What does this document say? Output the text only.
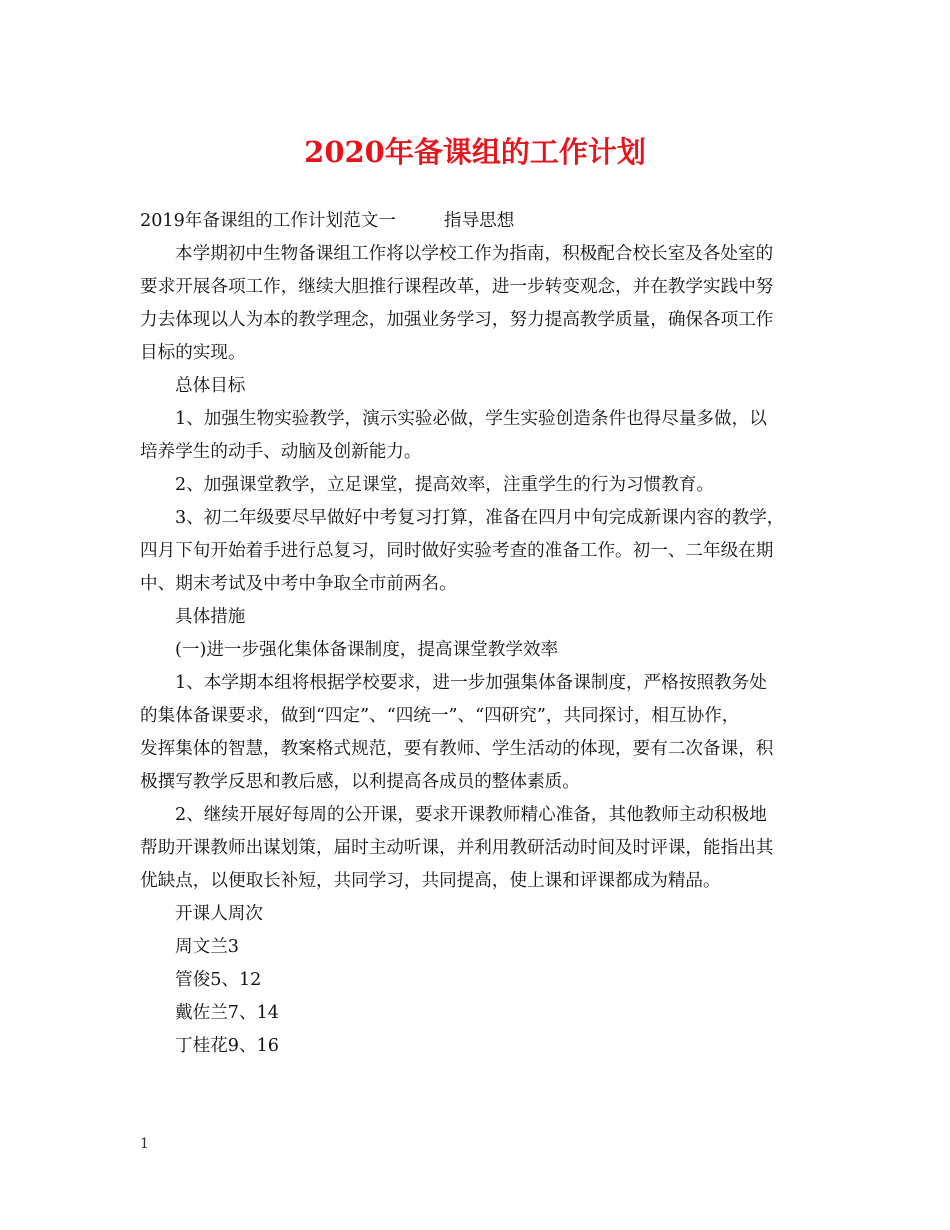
2020年备课组的工作计划
2019年备课组的工作计划范文一	指导思想
本学期初中生物备课组工作将以学校工作为指南，积极配合校长室及各处室的
要求开展各项工作，继续大胆推行课程改革，进一步转变观念，并在教学实践中努
力去体现以人为本的教学理念，加强业务学习，努力提高教学质量，确保各项工作
目标的实现。
总体目标
1、加强生物实验教学，演示实验必做，学生实验创造条件也得尽量多做，以
培养学生的动手、动脑及创新能力。
2、加强课堂教学，立足课堂，提高效率，注重学生的行为习惯教育。
3、初二年级要尽早做好中考复习打算，准备在四月中旬完成新课内容的教学，
四月下旬开始着手进行总复习，同时做好实验考查的准备工作。初一、二年级在期
中、期末考试及中考中争取全市前两名。
具体措施
(一)进一步强化集体备课制度，提高课堂教学效率
1、本学期本组将根据学校要求，进一步加强集体备课制度，严格按照教务处
的集体备课要求，做到“四定”、“四统一”、“四研究”，共同探讨，相互协作，
发挥集体的智慧，教案格式规范，要有教师、学生活动的体现，要有二次备课，积
极撰写教学反思和教后感，以利提高各成员的整体素质。
2、继续开展好每周的公开课，要求开课教师精心准备，其他教师主动积极地
帮助开课教师出谋划策，届时主动听课，并利用教研活动时间及时评课，能指出其
优缺点，以便取长补短，共同学习，共同提高，使上课和评课都成为精品。
开课人周次
周文兰3
管俊5、12
戴佐兰7、14
丁桂花9、16
1
